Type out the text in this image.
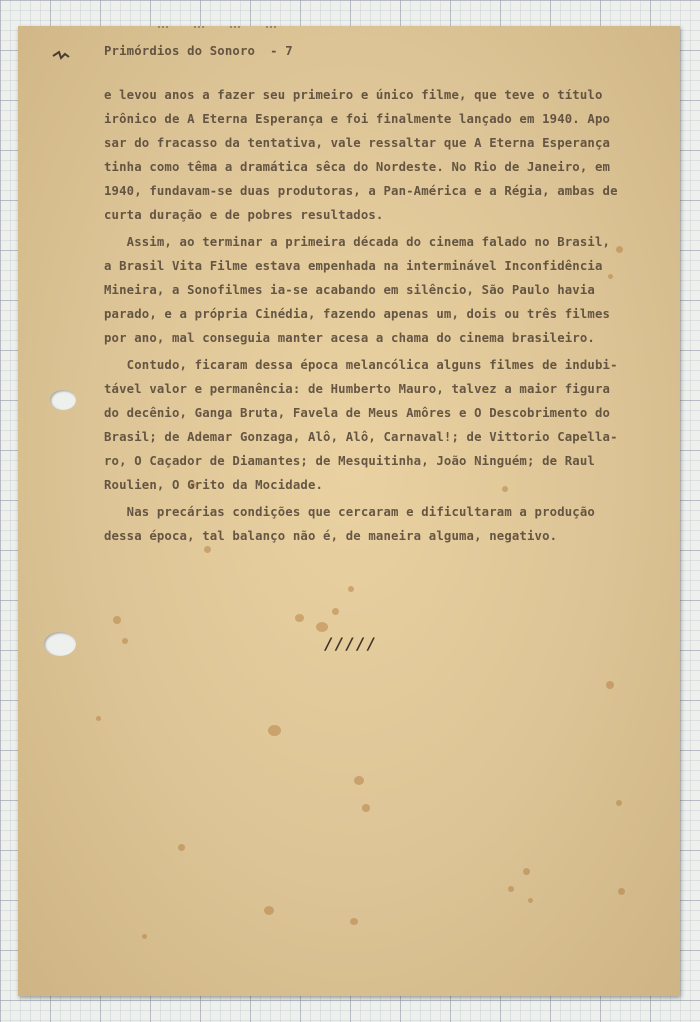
Primórdios do Sonoro  - 7
e levou anos a fazer seu primeiro e único filme, que teve o título
irônico de A Eterna Esperança e foi finalmente lançado em 1940. Apo
sar do fracasso da tentativa, vale ressaltar que A Eterna Esperança
tinha como têma a dramática sêca do Nordeste. No Rio de Janeiro, em
1940, fundavam-se duas produtoras, a Pan-América e a Régia, ambas de
curta duração e de pobres resultados.
Assim, ao terminar a primeira década do cinema falado no Brasil,
a Brasil Vita Filme estava empenhada na interminável Inconfidência
Mineira, a Sonofilmes ia-se acabando em silêncio, São Paulo havia
parado, e a própria Cinédia, fazendo apenas um, dois ou três filmes
por ano, mal conseguia manter acesa a chama do cinema brasileiro.
Contudo, ficaram dessa época melancólica alguns filmes de indubi-
tável valor e permanência: de Humberto Mauro, talvez a maior figura
do decênio, Ganga Bruta, Favela de Meus Amôres e O Descobrimento do
Brasil; de Ademar Gonzaga, Alô, Alô, Carnaval!; de Vittorio Capella-
ro, O Caçador de Diamantes; de Mesquitinha, João Ninguém; de Raul
Roulien, O Grito da Mocidade.
Nas precárias condições que cercaram e dificultaram a produção
dessa época, tal balanço não é, de maneira alguma, negativo.
/////
